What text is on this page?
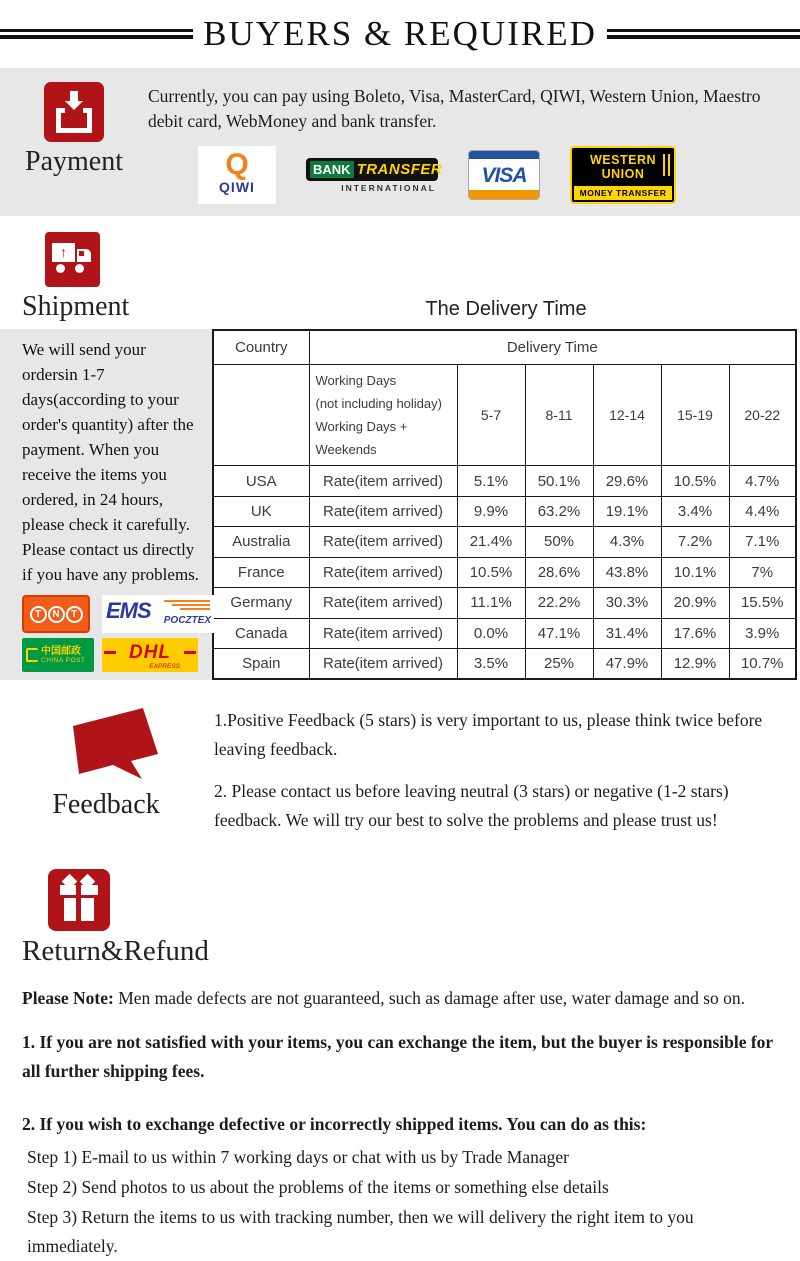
BUYERS & REQUIRED
Payment
Currently, you can pay using Boleto, Visa, MasterCard, QIWI, Western Union, Maestro debit card, WebMoney and bank transfer.
Q
QIWI
BANK TRANSFER
INTERNATIONAL
VISA
WESTERN
UNION
MONEY TRANSFER
↑
Shipment	The Delivery Time
We will send your ordersin 1-7 days(according to your order's quantity) after the payment. When you receive the items you ordered, in 24 hours, please check it carefully. Please contact us directly if you have any problems.
T	N	T EMS POCZTEX
中国邮政
CHINA POST	DHL
EXPRESS
Country	Delivery Time					

	Working Days
(not including holiday)
Working Days + Weekends	5-7	8-11	12-14	15-19	20-22
USA	Rate(item arrived)	5.1%	50.1%	29.6%	10.5%	4.7%
UK	Rate(item arrived)	9.9%	63.2%	19.1%	3.4%	4.4%
Australia	Rate(item arrived)	21.4%	50%	4.3%	7.2%	7.1%
France	Rate(item arrived)	10.5%	28.6%	43.8%	10.1%	7%
Germany	Rate(item arrived)	11.1%	22.2%	30.3%	20.9%	15.5%
Canada	Rate(item arrived)	0.0%	47.1%	31.4%	17.6%	3.9%
Spain	Rate(item arrived)	3.5%	25%	47.9%	12.9%	10.7%
Feedback

1.Positive Feedback (5 stars) is very important to us, please think twice before leaving feedback.

2. Please contact us before leaving neutral (3 stars) or negative (1-2 stars) feedback. We will try our best to solve the problems and please trust us!

Return&Refund

Please Note: Men made defects are not guaranteed, such as damage after use, water damage and so on.

1. If you are not satisfied with your items, you can exchange the item, but the buyer is responsible for all further shipping fees.

2. If you wish to exchange defective or incorrectly shipped items. You can do as this:

Step 1) E-mail to us within 7 working days or chat with us by Trade Manager

Step 2) Send photos to us about the problems of the items or something else details

Step 3) Return the items to us with tracking number, then we will delivery the right item to you immediately.
